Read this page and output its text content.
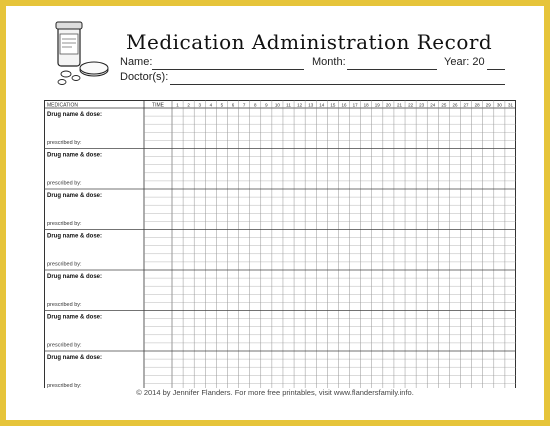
Medication Administration Record
Name:	Month:	Year: 20
Doctor(s):
MEDICATION	TIME	1 2 3 4 5 6 7 8 9 10 11 12 13 14 15 16 17 18 19 20 21 22 23 24 25 26 27 28 29 30 31
Drug name & dose:
prescribed by:
Drug name & dose:
prescribed by:
Drug name & dose:
prescribed by:
Drug name & dose:
prescribed by:
Drug name & dose:
prescribed by:
Drug name & dose:
prescribed by:
Drug name & dose:
prescribed by:
© 2014 by Jennifer Flanders. For more free printables, visit www.flandersfamily.info.
